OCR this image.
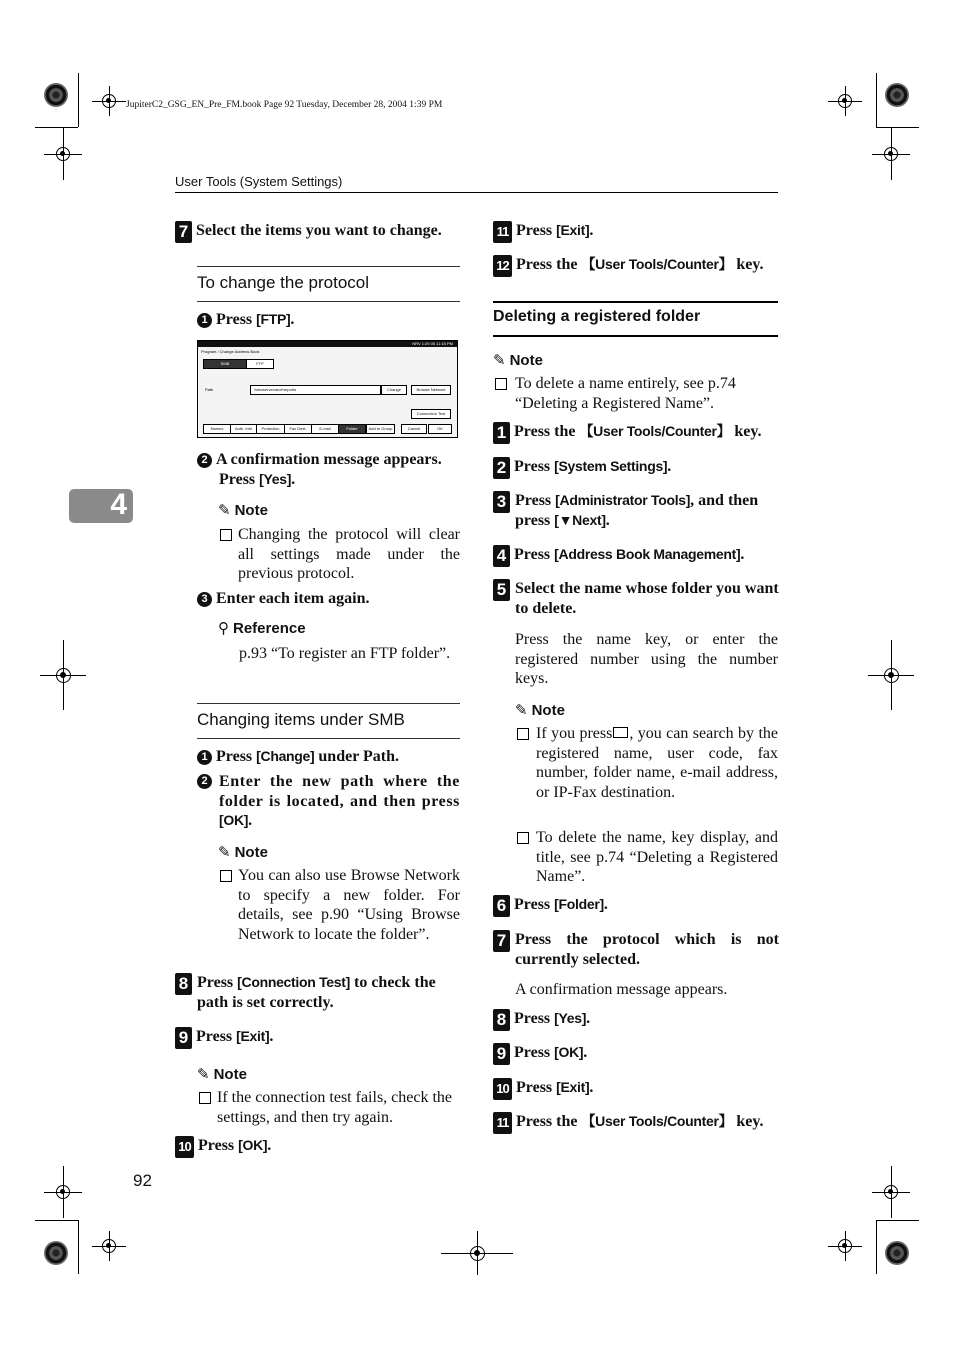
JupiterC2_GSG_EN_Pre_FM.book Page 92 Tuesday, December 28, 2004 1:39 PM
User Tools (System Settings)
4
7 Select the items you want to change.
To change the protocol
1 Press [FTP].
NRV 1:29 05 11:15 PM
Program / Change Address Book
SMB	FTP
Path	\\aboserver\aloe\reports	Change	Browse Network
Connection Test
Names	Auth. Info	Protection	Fax Dest.	E-mail	Folder	Add to Group	Cancel	OK
2 A confirmation message appears.
Press [Yes].
✎ Note
Changing the protocol will clear all settings made under the previous protocol.
3 Enter each item again.
⚲ Reference
p.93 “To register an FTP folder”.
Changing items under SMB
1 Press [Change] under Path.
2 Enter the new path where the folder is located, and then press [OK].
✎ Note
You can also use Browse Network to specify a new folder. For details, see p.90 “Using Browse Network to locate the folder”.
8 Press [Connection Test] to check the path is set correctly.
9 Press [Exit].
✎ Note
If the connection test fails, check the settings, and then try again.
10 Press [OK].
92
11 Press [Exit].
12 Press the 【User Tools/Counter】 key.
Deleting a registered folder
✎ Note
To delete a name entirely, see p.74 “Deleting a Registered Name”.
1 Press the 【User Tools/Counter】 key.
2 Press [System Settings].
3 Press [Administrator Tools], and then press [▼Next].
4 Press [Address Book Management].
5 Select the name whose folder you want to delete.
Press the name key, or enter the registered number using the number keys.
✎ Note
If you press , you can search by the registered name, user code, fax number, folder name, e-mail address, or IP-Fax destination.
To delete the name, key display, and title, see p.74 “Deleting a Registered Name”.
6 Press [Folder].
7 Press the protocol which is not currently selected.
A confirmation message appears.
8 Press [Yes].
9 Press [OK].
10 Press [Exit].
11 Press the 【User Tools/Counter】 key.
